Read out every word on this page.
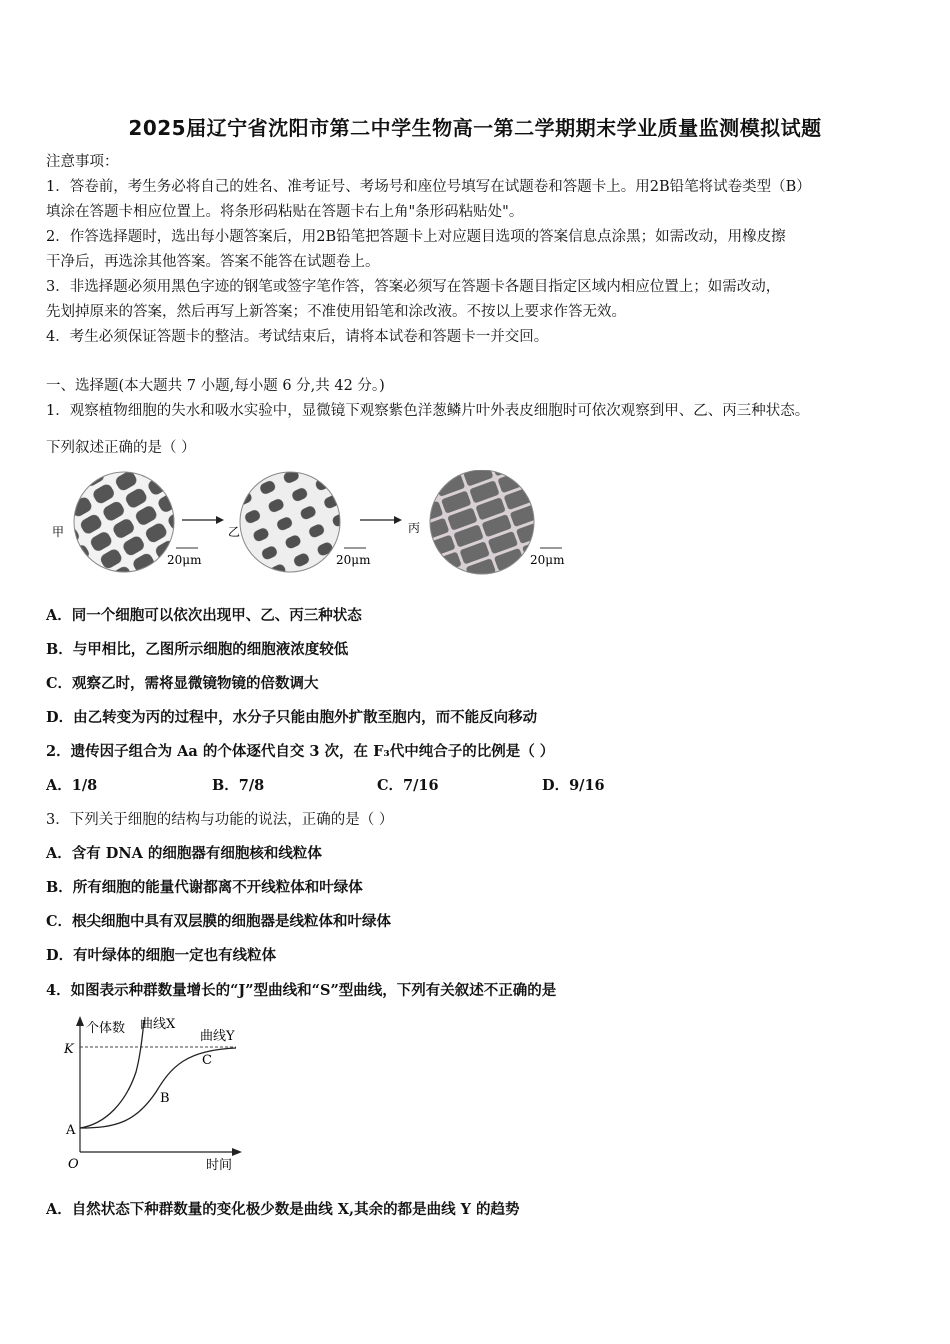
2025届辽宁省沈阳市第二中学生物高一第二学期期末学业质量监测模拟试题
注意事项：
1．答卷前，考生务必将自己的姓名、准考证号、考场号和座位号填写在试题卷和答题卡上。用2B铅笔将试卷类型（B）
填涂在答题卡相应位置上。将条形码粘贴在答题卡右上角"条形码粘贴处"。
2．作答选择题时，选出每小题答案后，用2B铅笔把答题卡上对应题目选项的答案信息点涂黑；如需改动，用橡皮擦
干净后，再选涂其他答案。答案不能答在试题卷上。
3．非选择题必须用黑色字迹的钢笔或签字笔作答，答案必须写在答题卡各题目指定区域内相应位置上；如需改动，
先划掉原来的答案，然后再写上新答案；不准使用铅笔和涂改液。不按以上要求作答无效。
4．考生必须保证答题卡的整洁。考试结束后，请将本试卷和答题卡一并交回。
一、选择题(本大题共 7 小题,每小题 6 分,共 42 分。)
1．观察植物细胞的失水和吸水实验中，显微镜下观察紫色洋葱鳞片叶外表皮细胞时可依次观察到甲、乙、丙三种状态。
下列叙述正确的是（ ）
甲	乙	丙
20μm	20μm	20μm
A．同一个细胞可以依次出现甲、乙、丙三种状态
B．与甲相比，乙图所示细胞的细胞液浓度较低
C．观察乙时，需将显微镜物镜的倍数调大
D．由乙转变为丙的过程中，水分子只能由胞外扩散至胞内，而不能反向移动
2．遗传因子组合为 Aa 的个体逐代自交 3 次，在 F₃代中纯合子的比例是（ ）
A．1/8	B．7/8	C．7/16	D．9/16
3．下列关于细胞的结构与功能的说法，正确的是（ ）
A．含有 DNA 的细胞器有细胞核和线粒体
B．所有细胞的能量代谢都离不开线粒体和叶绿体
C．根尖细胞中具有双层膜的细胞器是线粒体和叶绿体
D．有叶绿体的细胞一定也有线粒体
4．如图表示种群数量增长的“J”型曲线和“S”型曲线，下列有关叙述不正确的是
个体数
时间
O
K
曲线X
曲线Y
A
B
C
A．自然状态下种群数量的变化极少数是曲线 X,其余的都是曲线 Y 的趋势
